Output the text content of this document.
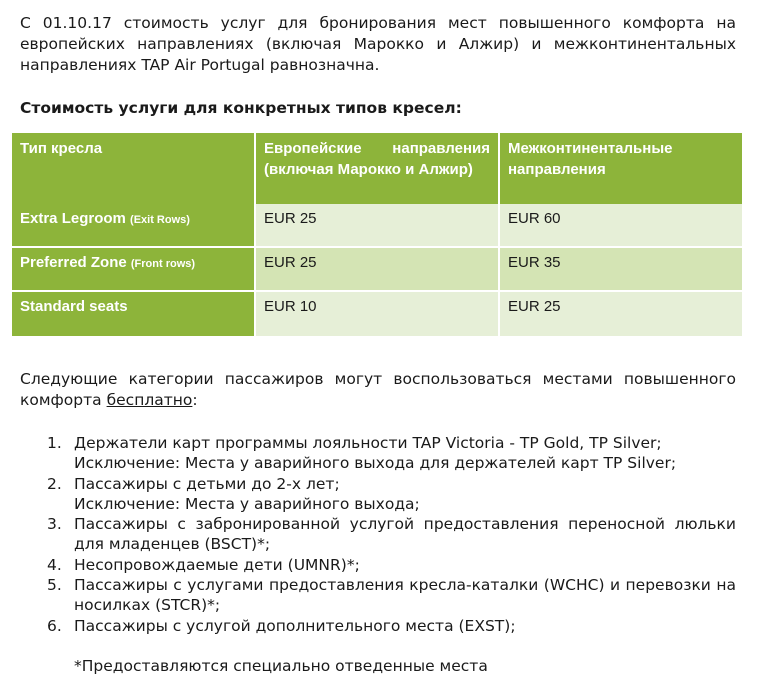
С 01.10.17 стоимость услуг для бронирования мест повышенного комфорта на европейских направлениях (включая Марокко и Алжир) и межконтинентальных направлениях TAP Air Portugal равнозначна.

Стоимость услуги для конкретных типов кресел:

Тип кресла	Европейские направления (включая Марокко и Алжир)	Межконтинентальные направления
Extra Legroom (Exit Rows)	EUR 25	EUR 60
Preferred Zone (Front rows)	EUR 25	EUR 35
Standard seats	EUR 10	EUR 25

Следующие категории пассажиров могут воспользоваться местами повышенного комфорта бесплатно:

1. Держатели карт программы лояльности TAP Victoria - TP Gold, TP Silver;
Исключение: Места у аварийного выхода для держателей карт TP Silver;
2. Пассажиры с детьми до 2-х лет;
Исключение: Места у аварийного выхода;
3. Пассажиры с забронированной услугой предоставления переносной люльки для младенцев (BSCT)*;
4. Несопровождаемые дети (UMNR)*;
5. Пассажиры с услугами предоставления кресла-каталки (WCHC) и перевозки на носилках (STCR)*;
6. Пассажиры с услугой дополнительного места (EXST);

*Предоставляются специально отведенные места
